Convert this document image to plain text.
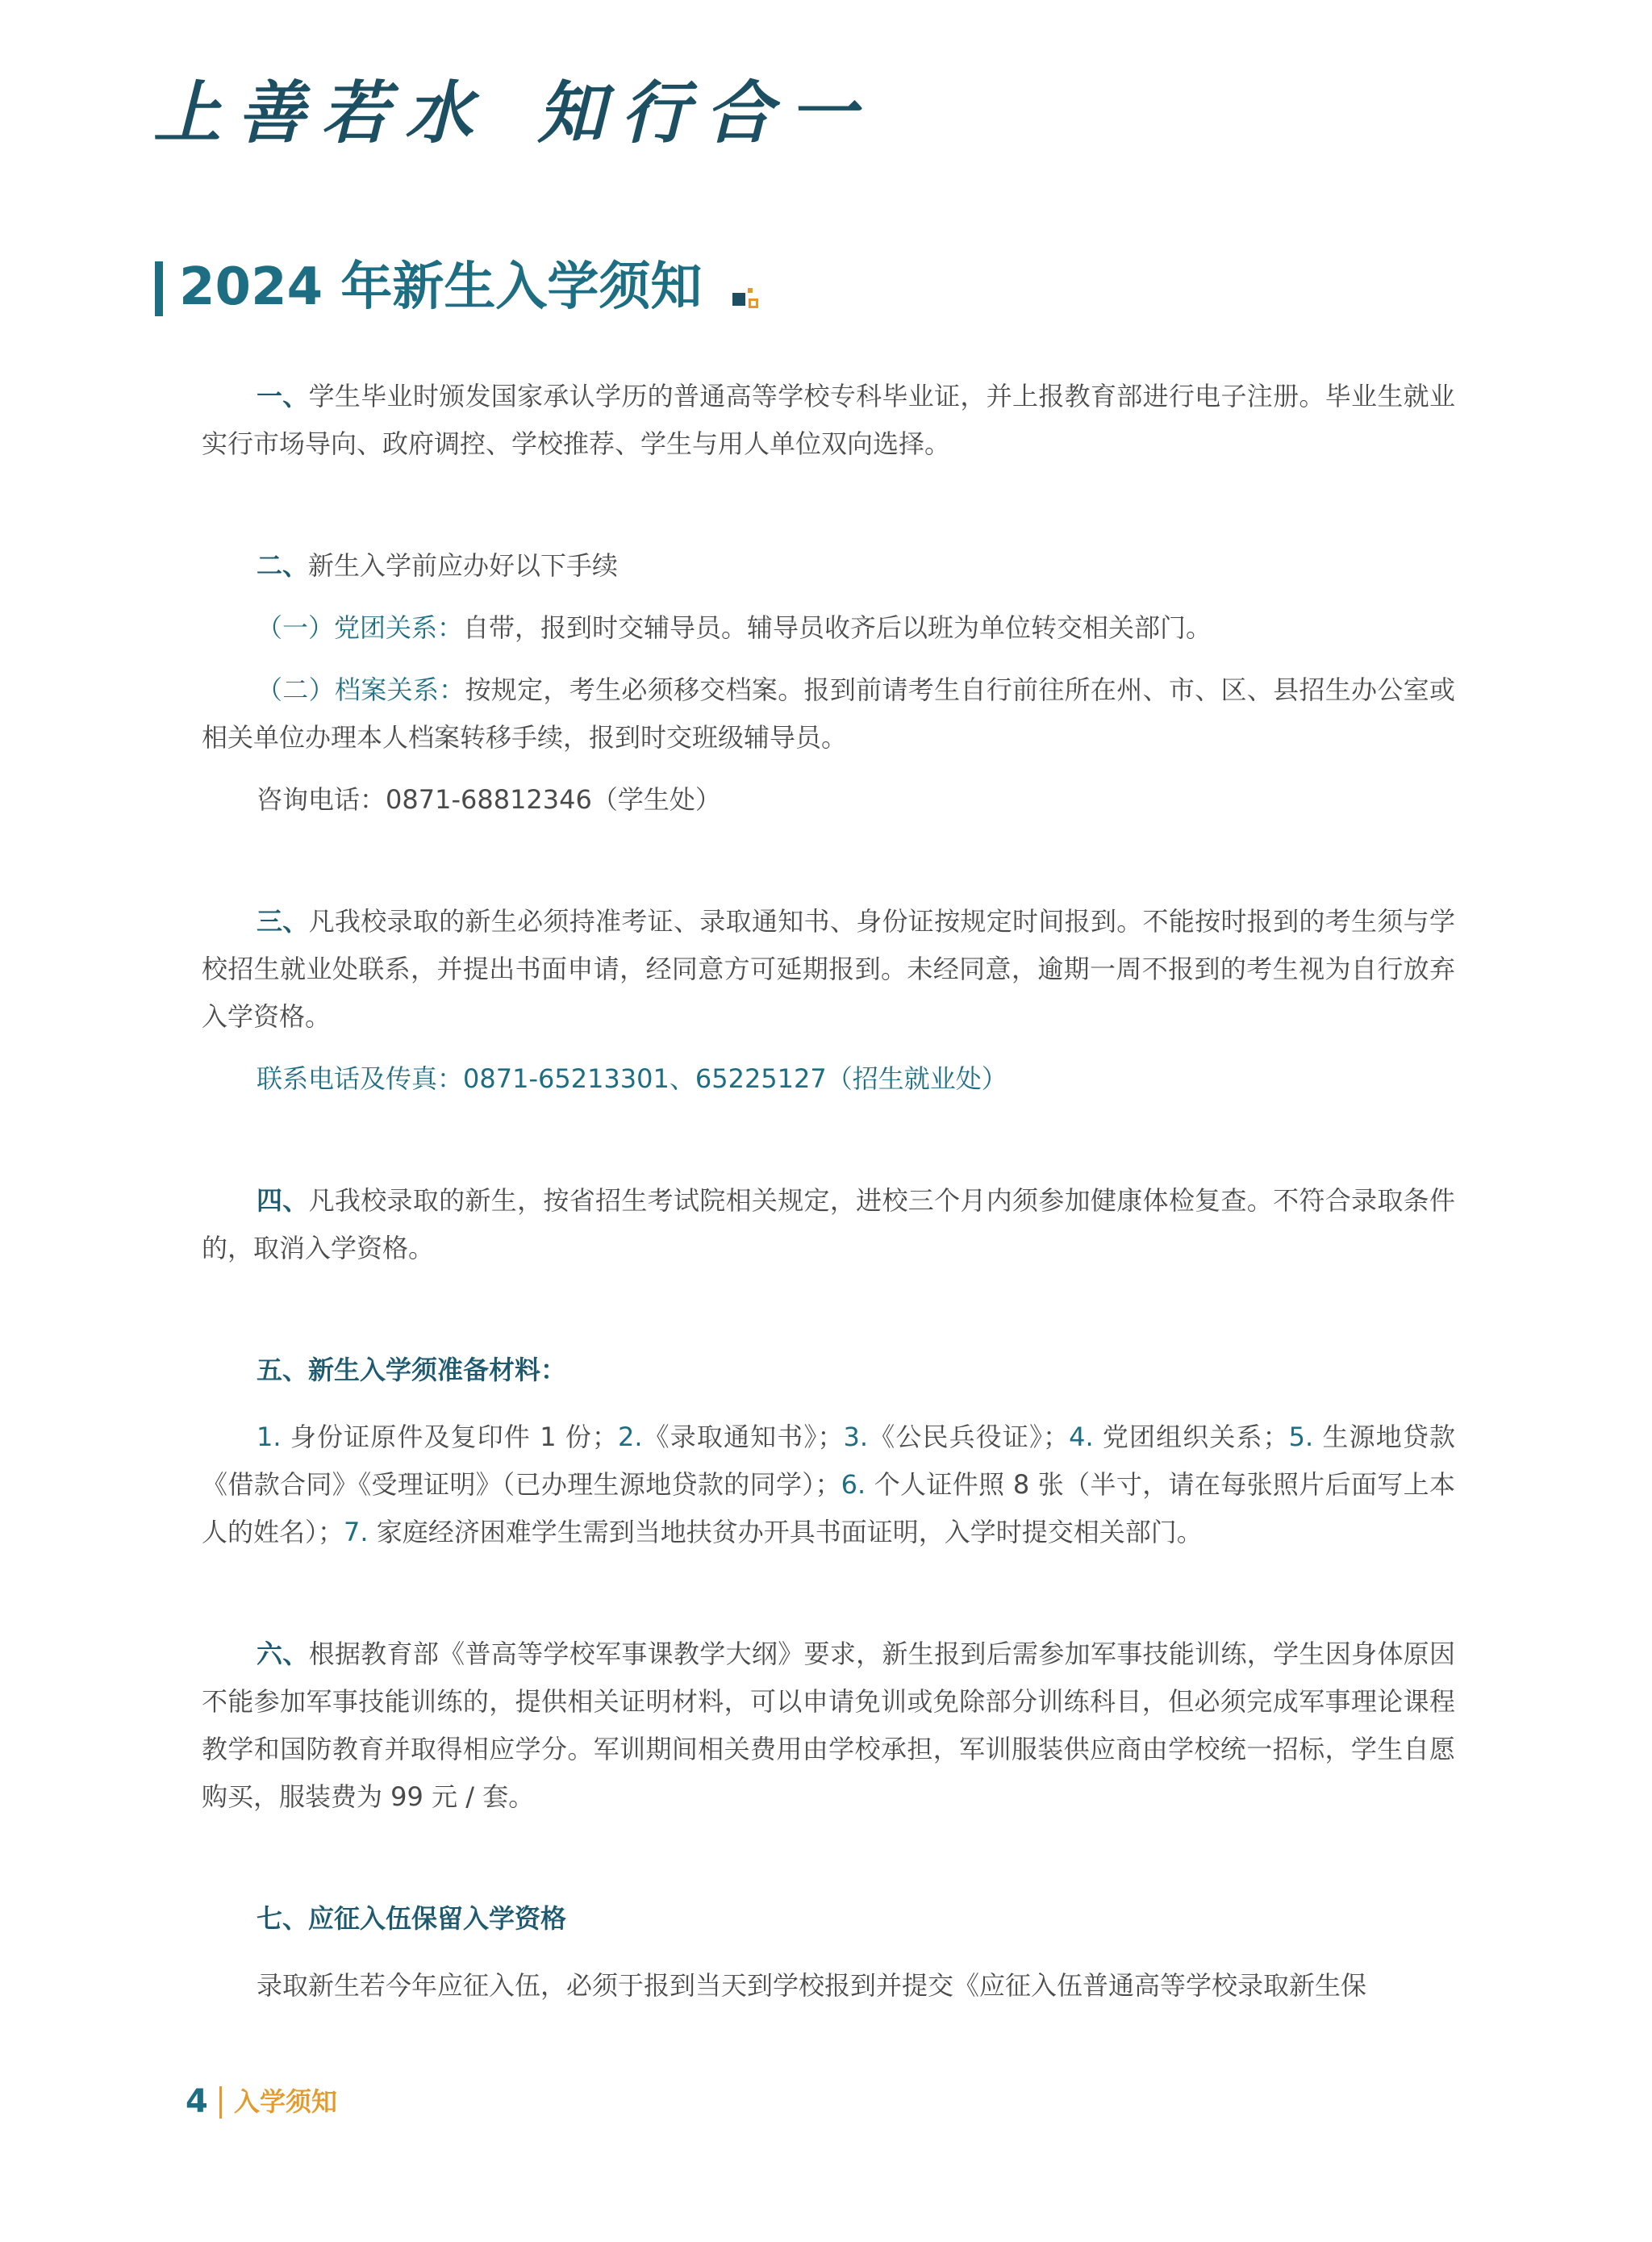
上善若水 知行合一
2024 年新生入学须知

一、学生毕业时颁发国家承认学历的普通高等学校专科毕业证，并上报教育部进行电子注册。毕业生就业实行市场导向、政府调控、学校推荐、学生与用人单位双向选择。

二、新生入学前应办好以下手续

（一）党团关系：自带，报到时交辅导员。辅导员收齐后以班为单位转交相关部门。

（二）档案关系：按规定，考生必须移交档案。报到前请考生自行前往所在州、市、区、县招生办公室或相关单位办理本人档案转移手续，报到时交班级辅导员。

咨询电话：0871-68812346（学生处）

三、凡我校录取的新生必须持准考证、录取通知书、身份证按规定时间报到。不能按时报到的考生须与学校招生就业处联系，并提出书面申请，经同意方可延期报到。未经同意，逾期一周不报到的考生视为自行放弃入学资格。

联系电话及传真：0871-65213301、65225127（招生就业处）

四、凡我校录取的新生，按省招生考试院相关规定，进校三个月内须参加健康体检复查。不符合录取条件的，取消入学资格。

五、新生入学须准备材料：

1. 身份证原件及复印件 1 份；2.《录取通知书》；3.《公民兵役证》；4. 党团组织关系；5. 生源地贷款《借款合同》《受理证明》（已办理生源地贷款的同学）；6. 个人证件照 8 张（半寸，请在每张照片后面写上本人的姓名）；7. 家庭经济困难学生需到当地扶贫办开具书面证明，入学时提交相关部门。

六、根据教育部《普高等学校军事课教学大纲》要求，新生报到后需参加军事技能训练，学生因身体原因不能参加军事技能训练的，提供相关证明材料，可以申请免训或免除部分训练科目，但必须完成军事理论课程教学和国防教育并取得相应学分。军训期间相关费用由学校承担，军训服装供应商由学校统一招标，学生自愿购买，服装费为 99 元 / 套。

七、应征入伍保留入学资格

录取新生若今年应征入伍，必须于报到当天到学校报到并提交《应征入伍普通高等学校录取新生保

4 入学须知
